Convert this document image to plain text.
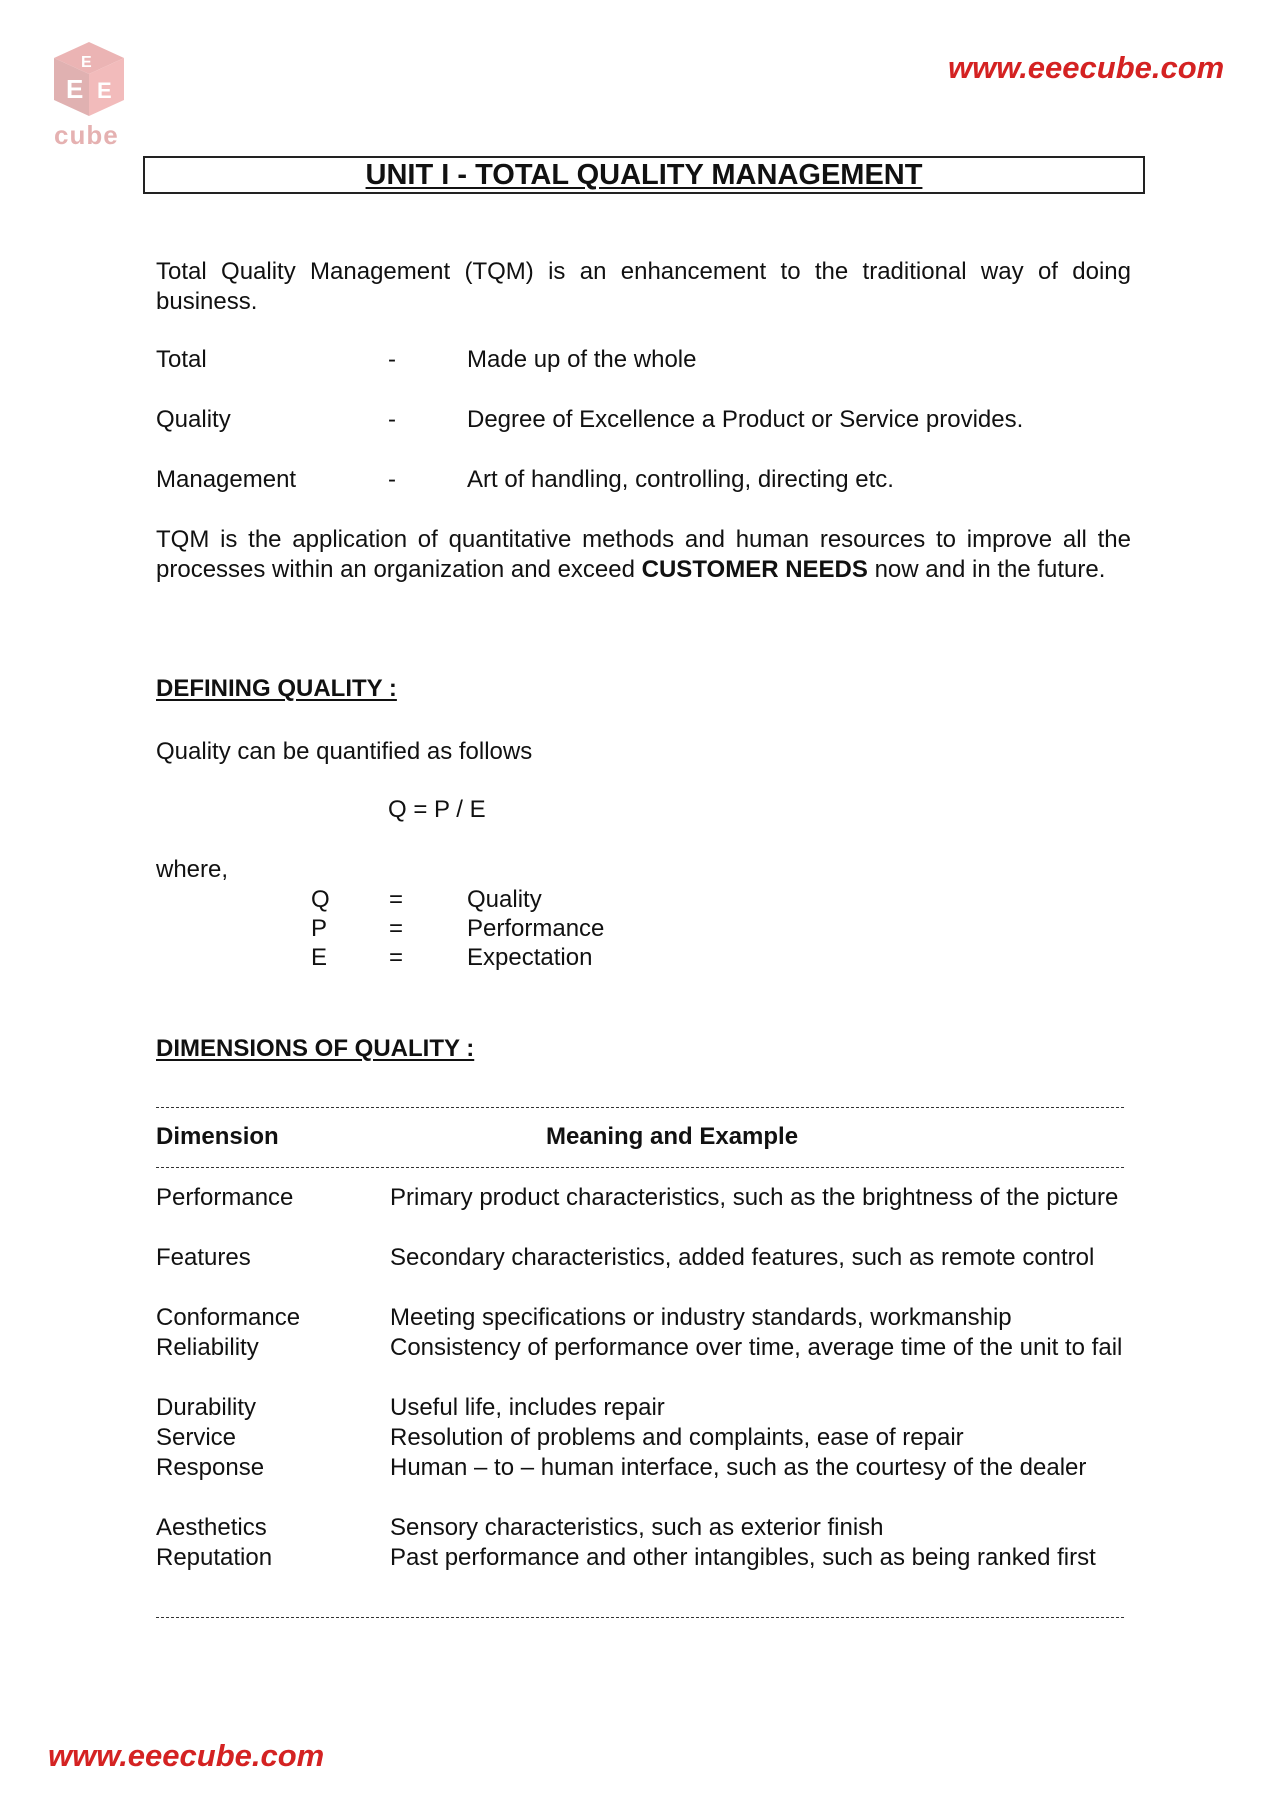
E E
E
cube
www.eeecube.com
UNIT I - TOTAL QUALITY MANAGEMENT
Total Quality Management (TQM) is an enhancement to the traditional way of doing business.
Total	-	Made up of the whole
Quality	-	Degree of Excellence a Product or Service provides.
Management	-	Art of handling, controlling, directing etc.
TQM is the application of quantitative methods and human resources to improve all the processes within an organization and exceed CUSTOMER NEEDS now and in the future.
DEFINING QUALITY :
Quality can be quantified as follows
Q = P / E
where,
Q =	Quality
P	=	Performance
E	=	Expectation
DIMENSIONS OF QUALITY :
Dimension	Meaning and Example
Performance	Primary product characteristics, such as the brightness of the picture
Features	Secondary characteristics, added features, such as remote control
Conformance	Meeting specifications or industry standards, workmanship
Reliability	Consistency of performance over time, average time of the unit to fail
Durability	Useful life, includes repair
Service	Resolution of problems and complaints, ease of repair
Response	Human – to – human interface, such as the courtesy of the dealer
Aesthetics	Sensory characteristics, such as exterior finish
Reputation	Past performance and other intangibles, such as being ranked first
www.eeecube.com
